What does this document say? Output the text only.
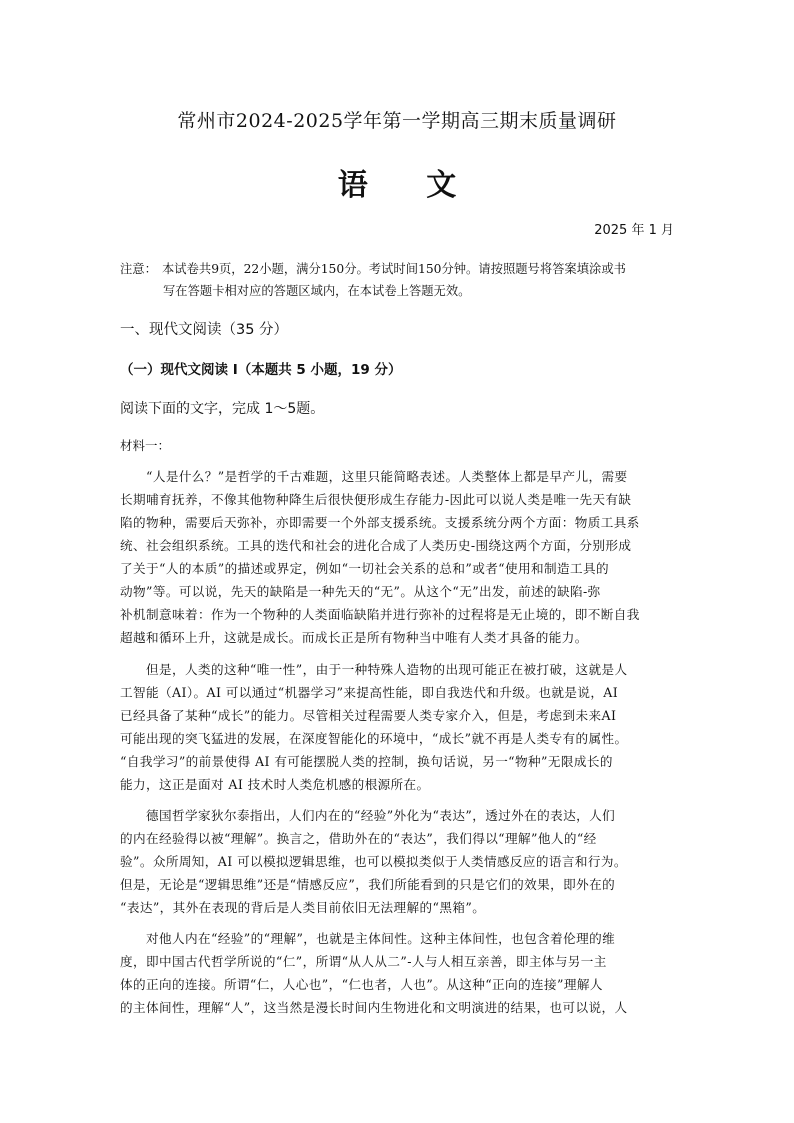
常州市2024-2025学年第一学期高三期末质量调研
语 文
2025 年 1 月
注意： 本试卷共9页，22小题，满分150分。考试时间150分钟。请按照题号将答案填涂或书
写在答题卡相对应的答题区域内，在本试卷上答题无效。
一、现代文阅读（35 分）
（一）现代文阅读 I（本题共 5 小题，19 分）
阅读下面的文字，完成 1～5题。
材料一：
　　“人是什么？”是哲学的千古难题，这里只能简略表述。人类整体上都是早产儿，需要
长期哺育抚养，不像其他物种降生后很快便形成生存能力-因此可以说人类是唯一先天有缺
陷的物种，需要后天弥补，亦即需要一个外部支援系统。支援系统分两个方面：物质工具系
统、社会组织系统。工具的迭代和社会的进化合成了人类历史-围绕这两个方面，分别形成
了关于“人的本质”的描述或界定，例如“一切社会关系的总和”或者“使用和制造工具的
动物”等。可以说，先天的缺陷是一种先天的“无”。从这个“无”出发，前述的缺陷-弥
补机制意味着：作为一个物种的人类面临缺陷并进行弥补的过程将是无止境的，即不断自我
超越和循环上升，这就是成长。而成长正是所有物种当中唯有人类才具备的能力。
　　但是，人类的这种“唯一性”，由于一种特殊人造物的出现可能正在被打破，这就是人
工智能（AI）。AI 可以通过“机器学习”来提高性能，即自我迭代和升级。也就是说，AI
已经具备了某种“成长”的能力。尽管相关过程需要人类专家介入，但是，考虑到未来AI
可能出现的突飞猛进的发展，在深度智能化的环境中，“成长”就不再是人类专有的属性。
“自我学习”的前景使得 AI 有可能摆脱人类的控制，换句话说，另一“物种”无限成长的
能力，这正是面对 AI 技术时人类危机感的根源所在。
　　德国哲学家狄尔泰指出，人们内在的“经验”外化为“表达”，透过外在的表达，人们
的内在经验得以被“理解”。换言之，借助外在的“表达”，我们得以“理解”他人的“经
验”。众所周知，AI 可以模拟逻辑思维，也可以模拟类似于人类情感反应的语言和行为。
但是，无论是“逻辑思维”还是“情感反应”，我们所能看到的只是它们的效果，即外在的
“表达”，其外在表现的背后是人类目前依旧无法理解的“黑箱”。
　　对他人内在“经验”的“理解”，也就是主体间性。这种主体间性，也包含着伦理的维
度，即中国古代哲学所说的“仁”，所谓“从人从二”-人与人相互亲善，即主体与另一主
体的正向的连接。所谓“仁，人心也”，“仁也者，人也”。从这种“正向的连接”理解人
的主体间性，理解“人”，这当然是漫长时间内生物进化和文明演进的结果，也可以说，人
